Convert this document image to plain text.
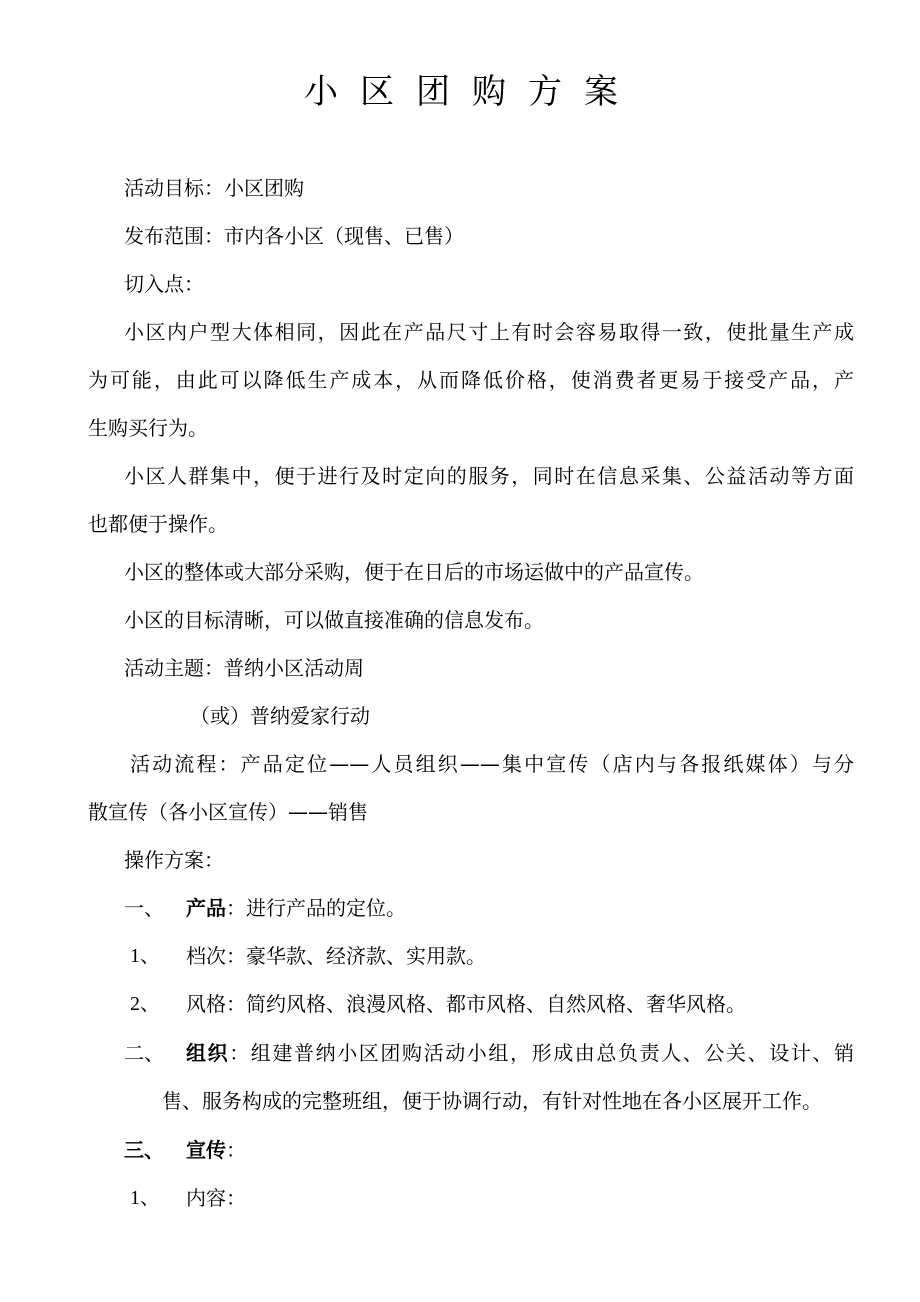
小区团购方案
活动目标：小区团购
发布范围：市内各小区（现售、已售）
切入点：
小区内户型大体相同，因此在产品尺寸上有时会容易取得一致，使批量生产成
为可能，由此可以降低生产成本，从而降低价格，使消费者更易于接受产品，产
生购买行为。
小区人群集中，便于进行及时定向的服务，同时在信息采集、公益活动等方面
也都便于操作。
小区的整体或大部分采购，便于在日后的市场运做中的产品宣传。
小区的目标清晰，可以做直接准确的信息发布。
活动主题：普纳小区活动周
（或）普纳爱家行动
活动流程：产品定位——人员组织——集中宣传（店内与各报纸媒体）与分
散宣传（各小区宣传）——销售
操作方案：
一、 产品：进行产品的定位。
1、 档次：豪华款、经济款、实用款。
2、 风格：简约风格、浪漫风格、都市风格、自然风格、奢华风格。
二、 组织：组建普纳小区团购活动小组，形成由总负责人、公关、设计、销
售、服务构成的完整班组，便于协调行动，有针对性地在各小区展开工作。
三、 宣传：
1、 内容：
